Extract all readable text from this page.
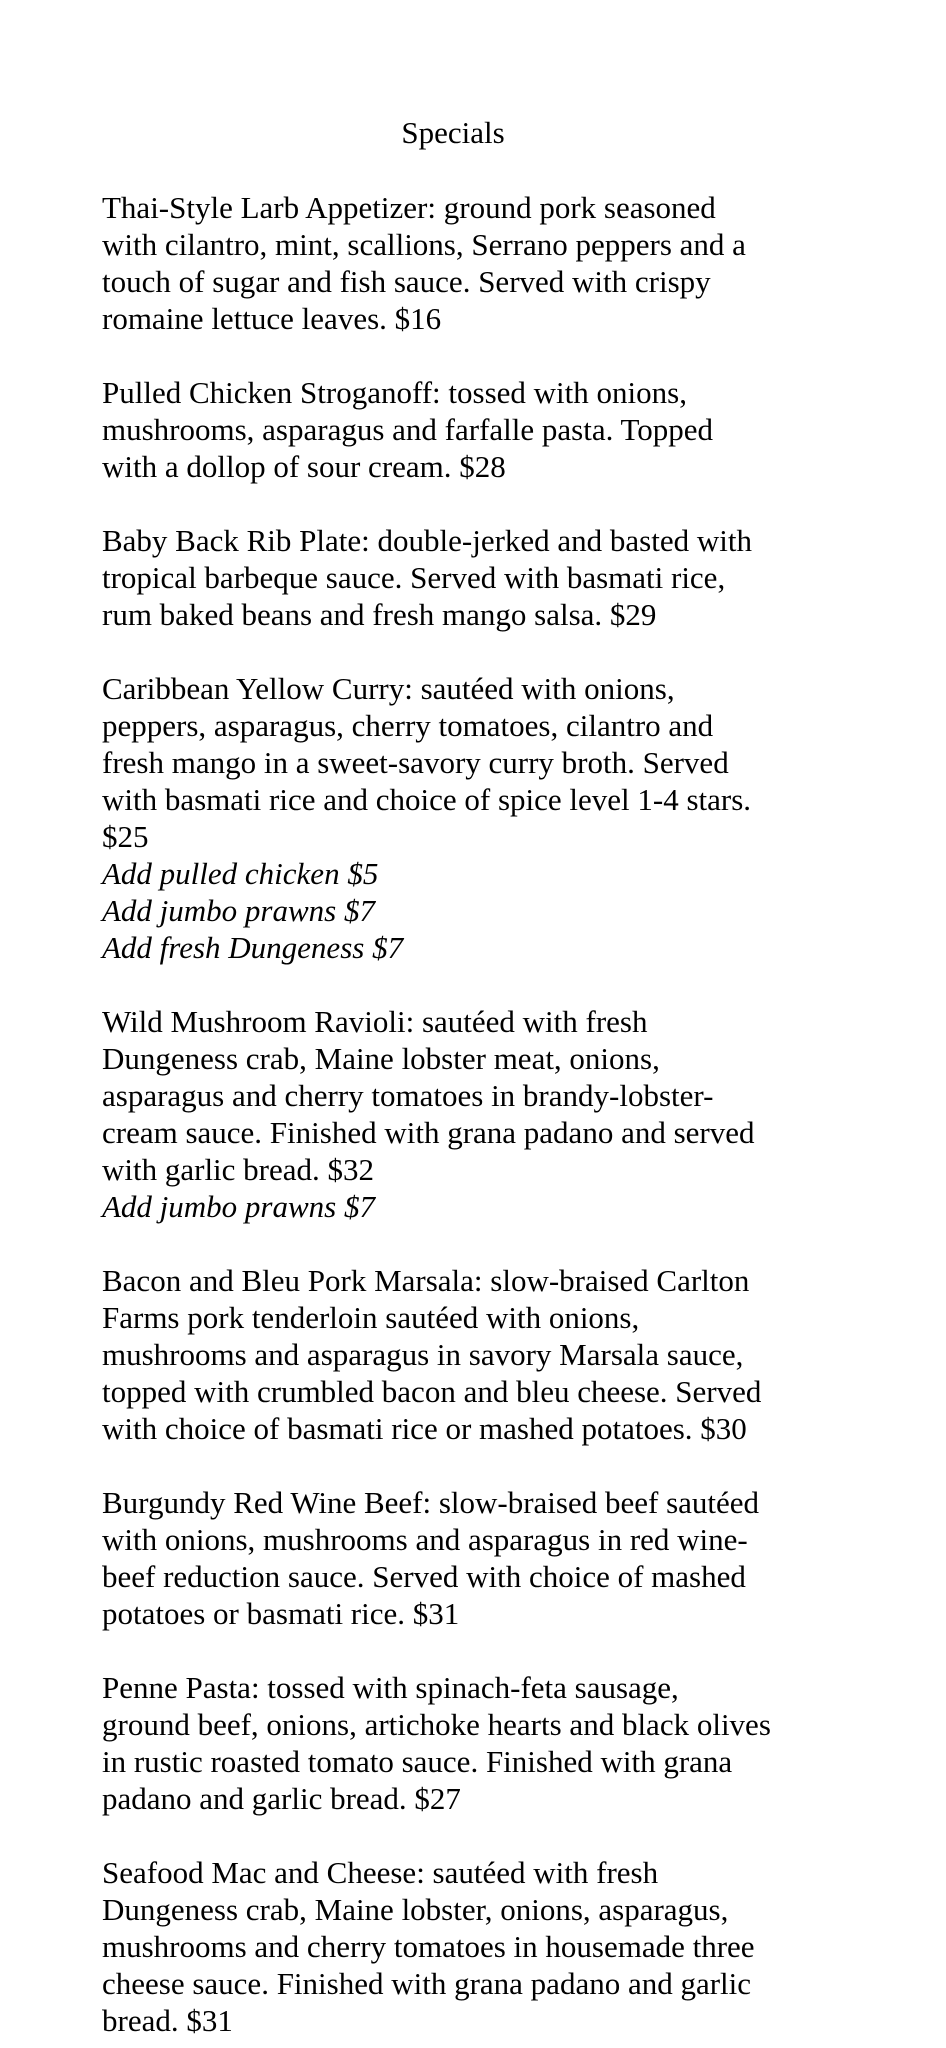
Specials
Thai-Style Larb Appetizer: ground pork seasoned
with cilantro, mint, scallions, Serrano peppers and a
touch of sugar and fish sauce. Served with crispy
romaine lettuce leaves. $16
Pulled Chicken Stroganoff: tossed with onions,
mushrooms, asparagus and farfalle pasta. Topped
with a dollop of sour cream. $28
Baby Back Rib Plate: double-jerked and basted with
tropical barbeque sauce. Served with basmati rice,
rum baked beans and fresh mango salsa. $29
Caribbean Yellow Curry: sautéed with onions,
peppers, asparagus, cherry tomatoes, cilantro and
fresh mango in a sweet-savory curry broth. Served
with basmati rice and choice of spice level 1-4 stars.
$25
Add pulled chicken $5
Add jumbo prawns $7
Add fresh Dungeness $7
Wild Mushroom Ravioli: sautéed with fresh
Dungeness crab, Maine lobster meat, onions,
asparagus and cherry tomatoes in brandy-lobster-
cream sauce. Finished with grana padano and served
with garlic bread. $32
Add jumbo prawns $7
Bacon and Bleu Pork Marsala: slow-braised Carlton
Farms pork tenderloin sautéed with onions,
mushrooms and asparagus in savory Marsala sauce,
topped with crumbled bacon and bleu cheese. Served
with choice of basmati rice or mashed potatoes. $30
Burgundy Red Wine Beef: slow-braised beef sautéed
with onions, mushrooms and asparagus in red wine-
beef reduction sauce. Served with choice of mashed
potatoes or basmati rice. $31
Penne Pasta: tossed with spinach-feta sausage,
ground beef, onions, artichoke hearts and black olives
in rustic roasted tomato sauce. Finished with grana
padano and garlic bread. $27
Seafood Mac and Cheese: sautéed with fresh
Dungeness crab, Maine lobster, onions, asparagus,
mushrooms and cherry tomatoes in housemade three
cheese sauce. Finished with grana padano and garlic
bread. $31
